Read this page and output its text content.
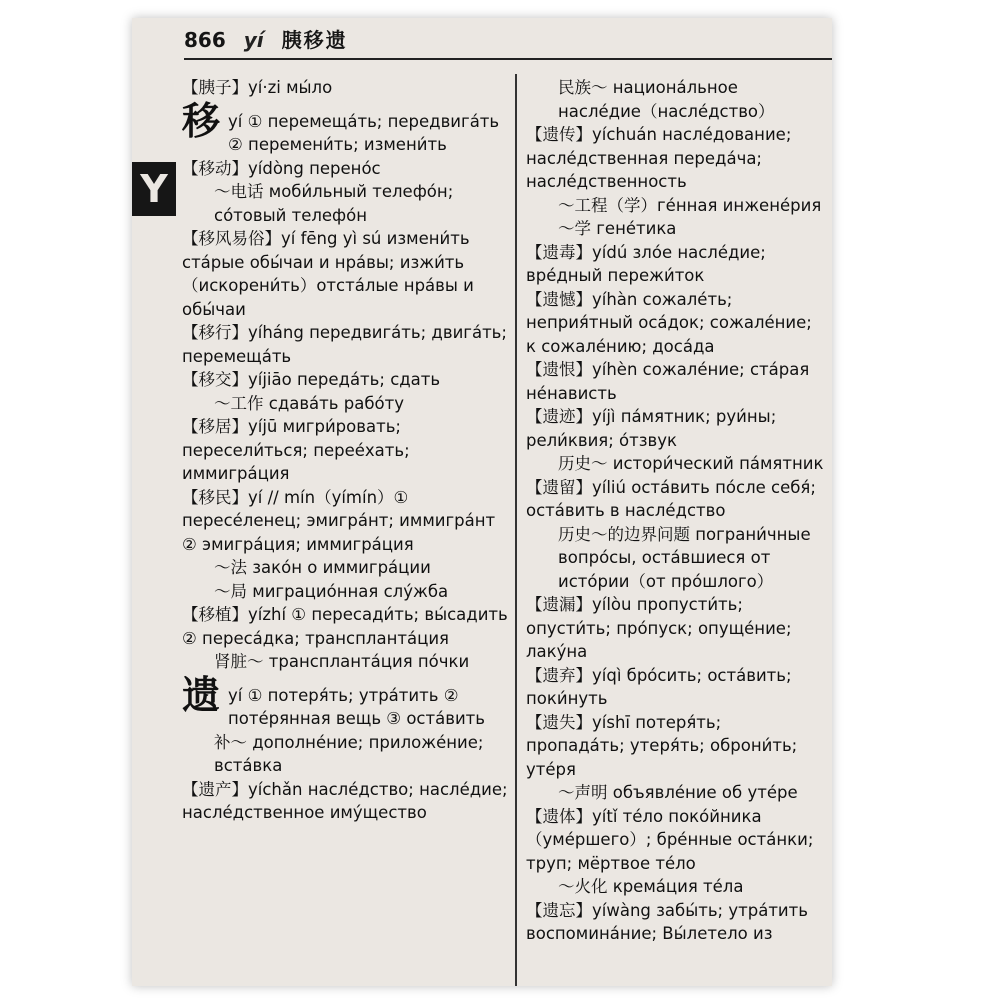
866 yí 胰移遗
Y

【胰子】yí·zi мы́ло

移 yí ① перемеща́ть; передвига́ть ② перемени́ть; измени́ть

【移动】yídòng перено́с

～电话 моби́льный телефо́н; со́товый телефо́н

【移风易俗】yí fēng yì sú измени́ть ста́рые обы́чаи и нра́вы; изжи́ть（искорени́ть）отста́лые нра́вы и обы́чаи

【移行】yíháng передвига́ть; двига́ть; перемеща́ть

【移交】yíjiāo переда́ть; сдать

～工作 сдава́ть рабо́ту

【移居】yíjū мигри́ровать; пересели́ться; перее́хать; иммигра́ция

【移民】yí // mín（yímín）① пересе́ленец; эмигра́нт; иммигра́нт ② эмигра́ция; иммигра́ция

～法 зако́н о иммигра́ции

～局 миграцио́нная слу́жба

【移植】yízhí ① пересади́ть; вы́садить ② переса́дка; транспланта́ция

肾脏～ транспланта́ция по́чки

遗 yí ① потеря́ть; утра́тить ② поте́рянная вещь ③ оста́вить

补～ дополне́ние; приложе́ние; вста́вка

【遗产】yíchǎn насле́дство; насле́дие; насле́дственное иму́щество

民族～ национа́льное насле́дие（насле́дство）

【遗传】yíchuán насле́дование; насле́дственная переда́ча; насле́дственность

～工程（学）ге́нная инжене́рия

～学 гене́тика

【遗毒】yídú зло́е насле́дие; вре́дный пережи́ток

【遗憾】yíhàn сожале́ть; неприя́тный оса́док; сожале́ние; к сожале́нию; доса́да

【遗恨】yíhèn сожале́ние; ста́рая не́нависть

【遗迹】yíjì па́мятник; руи́ны; рели́квия; о́тзвук

历史～ истори́ческий па́мятник

【遗留】yíliú оста́вить по́сле себя́; оста́вить в насле́дство

历史～的边界问题 пограни́чные вопро́сы, оста́вшиеся от исто́рии（от про́шлого）

【遗漏】yílòu пропусти́ть; опусти́ть; про́пуск; опуще́ние; лаку́на

【遗弃】yíqì бро́сить; оста́вить; поки́нуть

【遗失】yíshī потеря́ть; пропада́ть; утеря́ть; оброни́ть; уте́ря

～声明 объявле́ние об уте́ре

【遗体】yítǐ те́ло поко́йника（уме́ршего）; бре́нные оста́нки; труп; мёртвое те́ло

～火化 крема́ция те́ла

【遗忘】yíwàng забы́ть; утра́тить воспомина́ние; Вы́летело из
